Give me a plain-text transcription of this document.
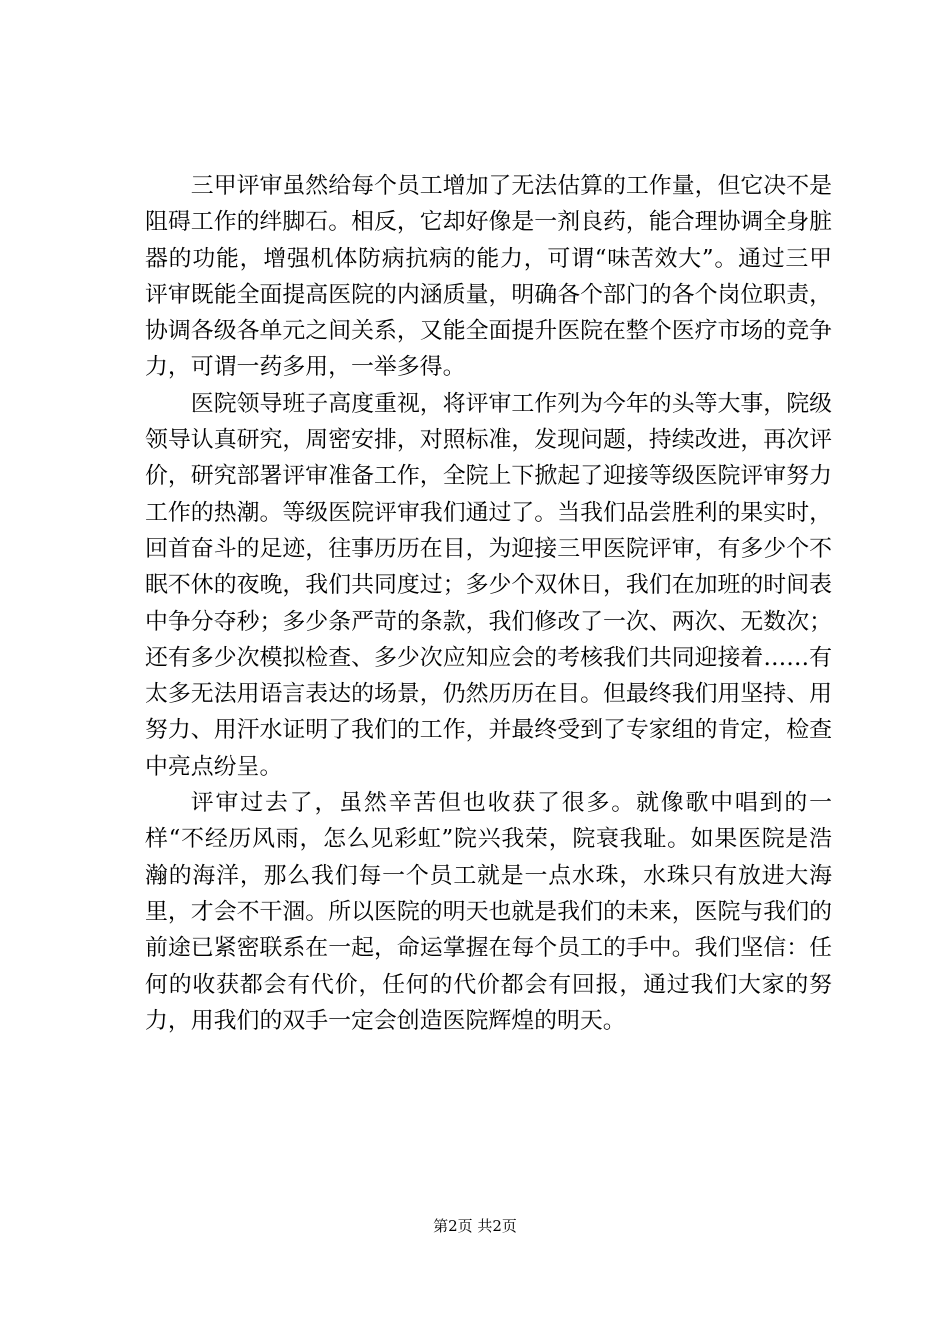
三甲评审虽然给每个员工增加了无法估算的工作量，但它决不是阻碍工作的绊脚石。相反，它却好像是一剂良药，能合理协调全身脏器的功能，增强机体防病抗病的能力，可谓“味苦效大”。通过三甲评审既能全面提高医院的内涵质量，明确各个部门的各个岗位职责，协调各级各单元之间关系，又能全面提升医院在整个医疗市场的竞争力，可谓一药多用，一举多得。

医院领导班子高度重视，将评审工作列为今年的头等大事，院级领导认真研究，周密安排，对照标准，发现问题，持续改进，再次评价，研究部署评审准备工作，全院上下掀起了迎接等级医院评审努力工作的热潮。等级医院评审我们通过了。当我们品尝胜利的果实时，回首奋斗的足迹，往事历历在目，为迎接三甲医院评审，有多少个不眠不休的夜晚，我们共同度过；多少个双休日，我们在加班的时间表中争分夺秒；多少条严苛的条款，我们修改了一次、两次、无数次；还有多少次模拟检查、多少次应知应会的考核我们共同迎接着……有太多无法用语言表达的场景，仍然历历在目。但最终我们用坚持、用努力、用汗水证明了我们的工作，并最终受到了专家组的肯定，检查中亮点纷呈。

评审过去了，虽然辛苦但也收获了很多。就像歌中唱到的一样“不经历风雨，怎么见彩虹”院兴我荣，院衰我耻。如果医院是浩瀚的海洋，那么我们每一个员工就是一点水珠，水珠只有放进大海里，才会不干涸。所以医院的明天也就是我们的未来，医院与我们的前途已紧密联系在一起，命运掌握在每个员工的手中。我们坚信：任何的收获都会有代价，任何的代价都会有回报，通过我们大家的努力，用我们的双手一定会创造医院辉煌的明天。

第2页 共2页
